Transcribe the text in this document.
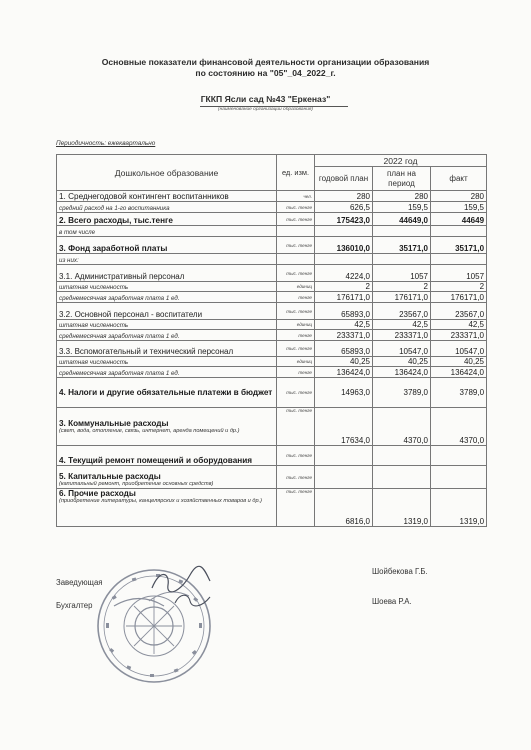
Основные показатели финансовой деятельности организации образования
по состоянию на "05"_04_2022_г.
ГККП Ясли сад №43 "Еркеназ"
(наименование организации образования)
Периодичность: ежеквартально
Дошкольное образование	ед. изм.	2022 год		
		годовой план	план на период	факт
1. Среднегодовой контингент воспитанников	чел.	280	280	280
средний расход на 1-го воспитанника	тыс. тенге	626,5	159,5	159,5
2. Всего расходы, тыс.тенге	тыс. тенге	175423,0	44649,0	44649
в том числе				
3. Фонд заработной платы	тыс. тенге	136010,0	35171,0	35171,0
из них:				
3.1. Административный персонал	тыс. тенге	4224,0	1057	1057
штатная численность	единиц	2	2	2
среднемесячная заработная плата 1 ед.	тенге	176171,0	176171,0	176171,0
3.2. Основной персонал - воспитатели	тыс. тенге	65893,0	23567,0	23567,0
штатная численность	единиц	42,5	42,5	42,5
среднемесячная заработная плата 1 ед.	тенге	233371,0	233371,0	233371,0
3.3. Вспомогательный и технический персонал	тыс. тенге	65893,0	10547,0	10547,0
штатная численность	единиц	40,25	40,25	40,25
среднемесячная заработная плата 1 ед.	тенге	136424,0	136424,0	136424,0
4. Налоги и другие обязательные платежи в бюджет	тыс. тенге	14963,0	3789,0	3789,0

3. Коммунальные расходы
(свет, вода, отопление, связь, интернет, аренда помещений и др.)	тыс. тенге	17634,0	4370,0	4370,0
4. Текущий ремонт помещений и оборудования	тыс. тенге			

5. Капитальные расходы
(капитальный ремонт, приобретение основных средств)	тыс. тенге			

6. Прочие расходы
(приобретение литературы, канцелярских и хозяйственных товаров и др.)	тыс. тенге	6816,0	1319,0	1319,0
Заведующая
Шойбекова Г.Б.
Бухгалтер	Шоева Р.А.
